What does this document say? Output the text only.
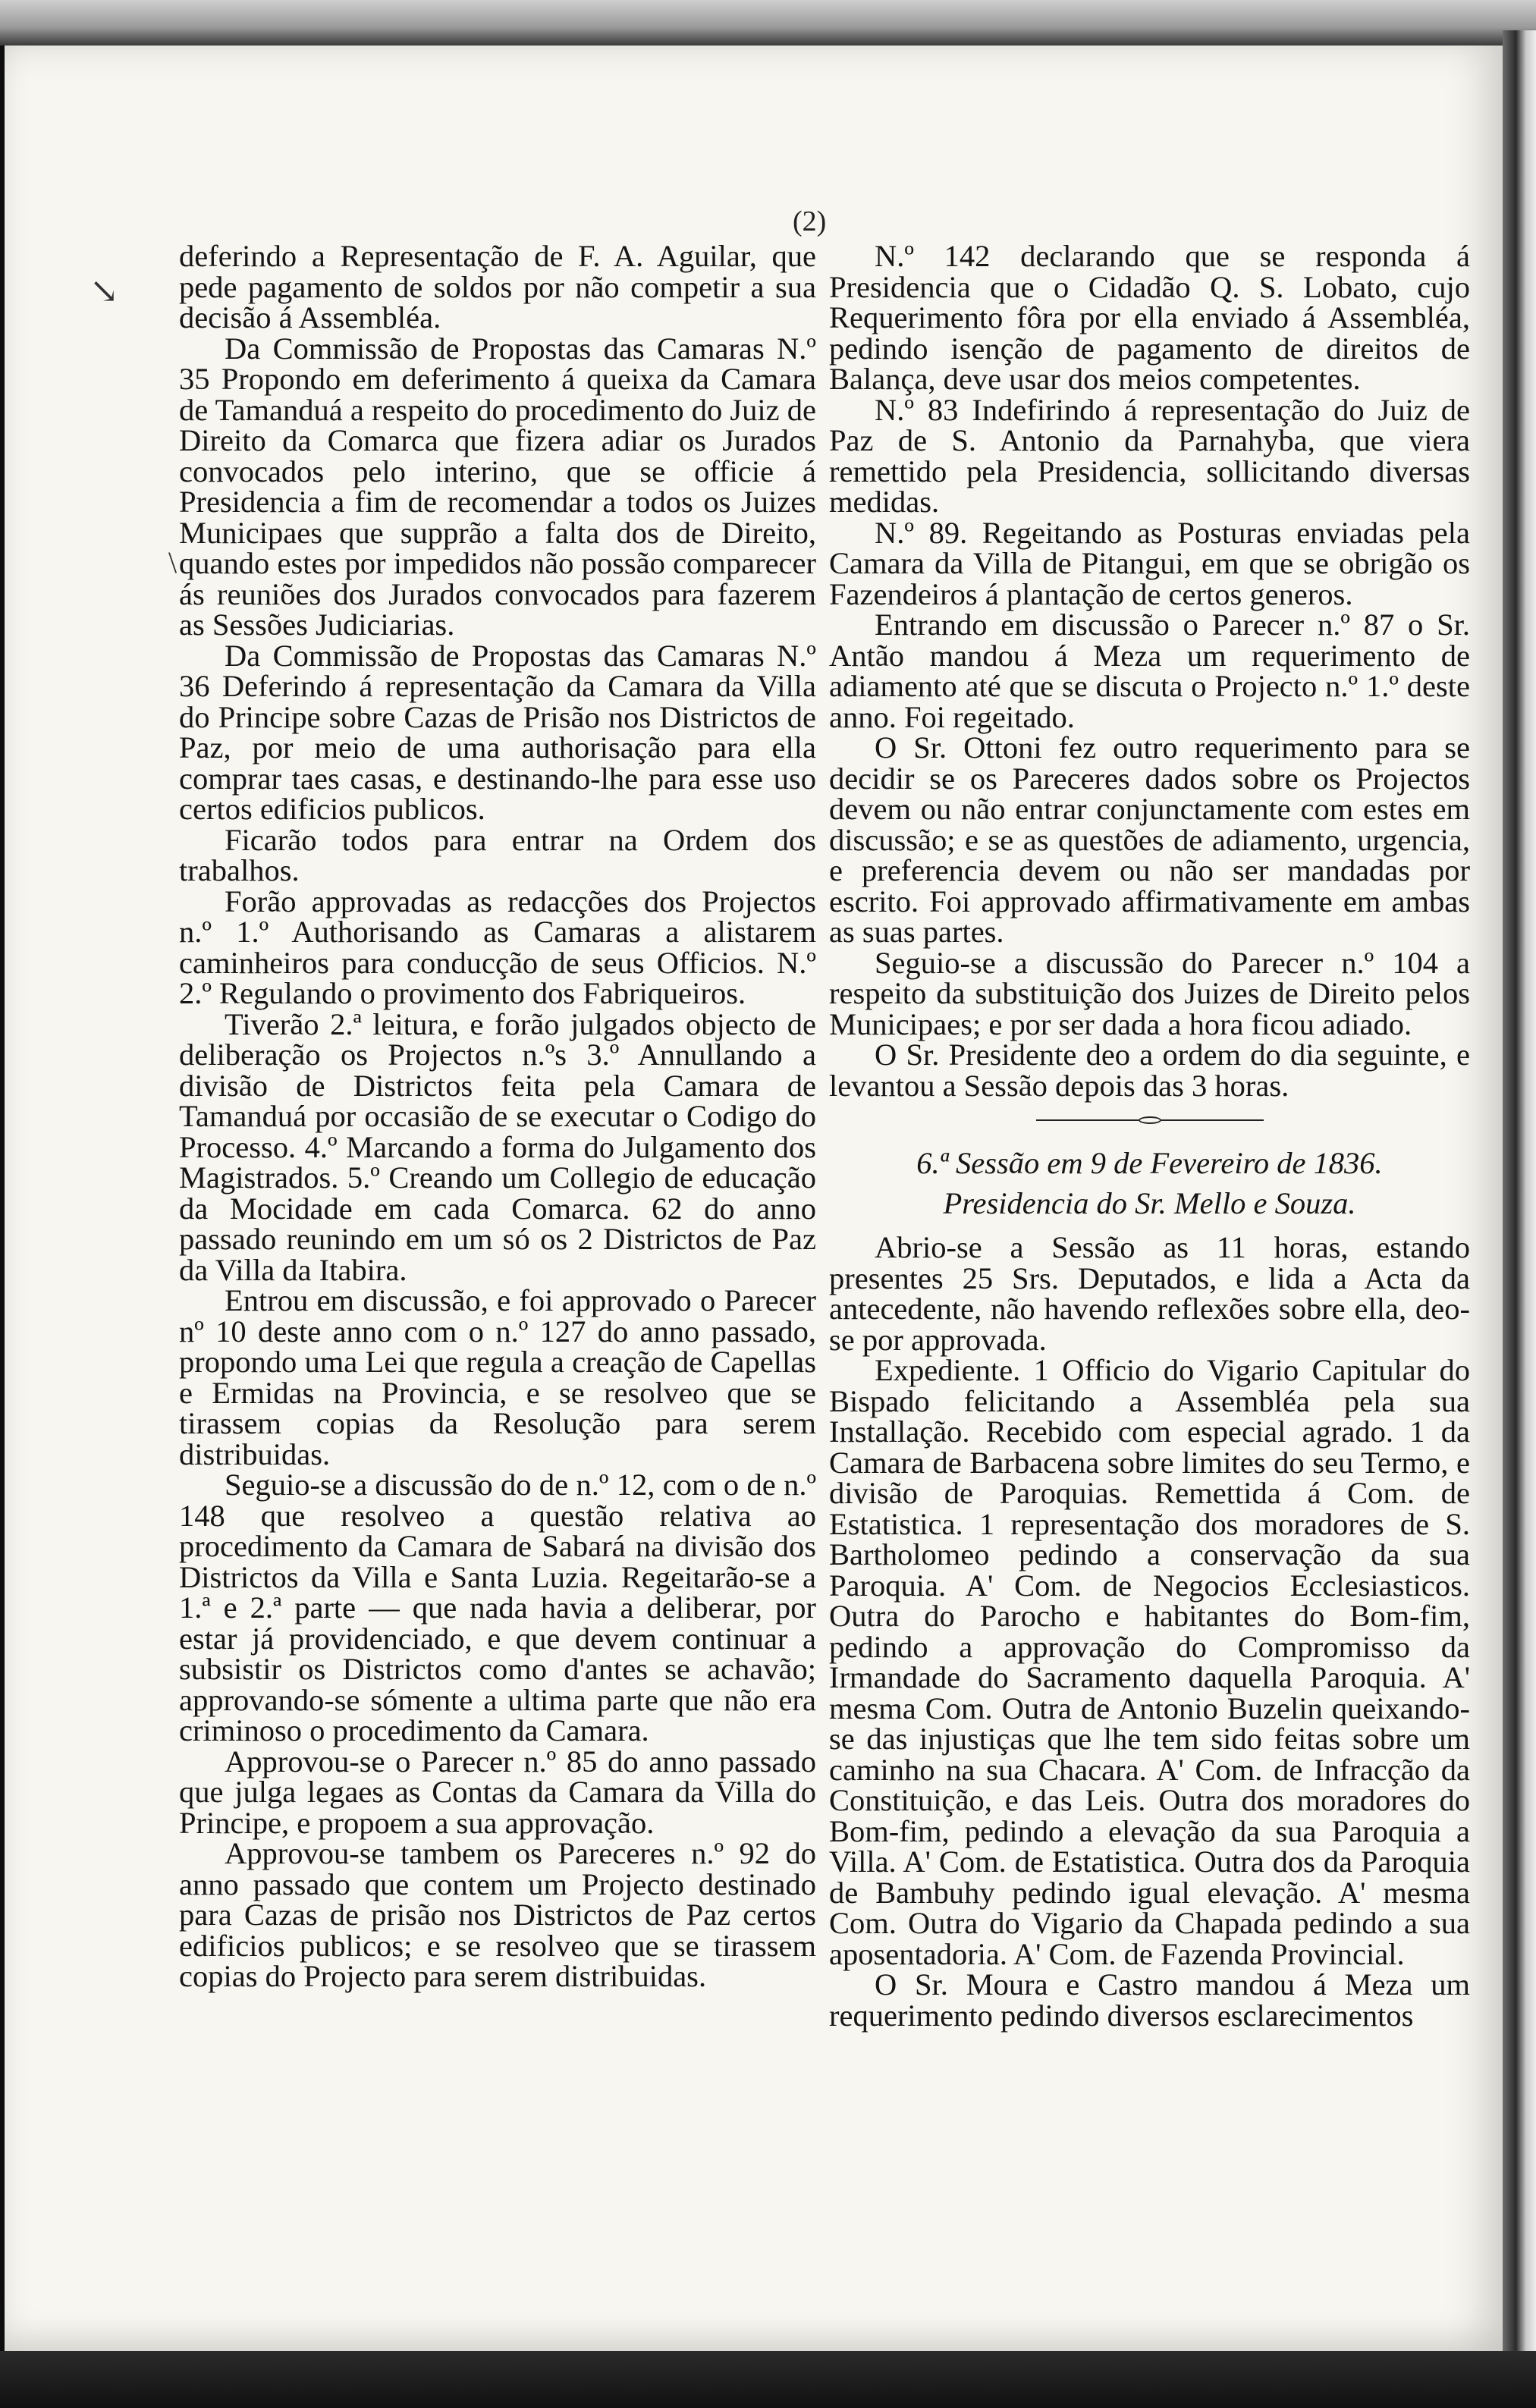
↘
\
(2)

deferindo a Representação de F. A. Aguilar, que pede pagamento de soldos por não competir a sua decisão á Assembléa.

Da Commissão de Propostas das Camaras N.º 35 Propondo em deferimento á queixa da Camara de Tamanduá a respeito do procedimento do Juiz de Direito da Comarca que fizera adiar os Jurados convocados pelo interino, que se officie á Presidencia a fim de recomendar a todos os Juizes Municipaes que supprão a falta dos de Direito, quando estes por impedidos não possão comparecer ás reuniões dos Jurados convocados para fazerem as Sessões Judiciarias.

Da Commissão de Propostas das Camaras N.º 36 Deferindo á representação da Camara da Villa do Principe sobre Cazas de Prisão nos Districtos de Paz, por meio de uma authorisação para ella comprar taes casas, e destinando-lhe para esse uso certos edificios publicos.

Ficarão todos para entrar na Ordem dos trabalhos.

Forão approvadas as redacções dos Projectos n.º 1.º Authorisando as Camaras a alistarem caminheiros para conducção de seus Officios. N.º 2.º Regulando o provimento dos Fabriqueiros.

Tiverão 2.ª leitura, e forão julgados objecto de deliberação os Projectos n.ºs 3.º Annullando a divisão de Districtos feita pela Camara de Tamanduá por occasião de se executar o Codigo do Processo. 4.º Marcando a forma do Julgamento dos Magistrados. 5.º Creando um Collegio de educação da Mocidade em cada Comarca. 62 do anno passado reunindo em um só os 2 Districtos de Paz da Villa da Itabira.

Entrou em discussão, e foi approvado o Parecer nº 10 deste anno com o n.º 127 do anno passado, propondo uma Lei que regula a creação de Capellas e Ermidas na Provincia, e se resolveo que se tirassem copias da Resolução para serem distribuidas.

Seguio-se a discussão do de n.º 12, com o de n.º 148 que resolveo a questão relativa ao procedimento da Camara de Sabará na divisão dos Districtos da Villa e Santa Luzia. Regeitarão-se a 1.ª e 2.ª parte — que nada havia a deliberar, por estar já providenciado, e que devem continuar a subsistir os Districtos como d'antes se achavão; approvando-se sómente a ultima parte que não era criminoso o procedimento da Camara.

Approvou-se o Parecer n.º 85 do anno passado que julga legaes as Contas da Camara da Villa do Principe, e propoem a sua approvação.

Approvou-se tambem os Pareceres n.º 92 do anno passado que contem um Projecto destinado para Cazas de prisão nos Districtos de Paz certos edificios publicos; e se resolveo que se tirassem copias do Projecto para serem distribuidas.

N.º 142 declarando que se responda á Presidencia que o Cidadão Q. S. Lobato, cujo Requerimento fôra por ella enviado á Assembléa, pedindo isenção de pagamento de direitos de Balança, deve usar dos meios competentes.

N.º 83 Indefirindo á representação do Juiz de Paz de S. Antonio da Parnahyba, que viera remettido pela Presidencia, sollicitando diversas medidas.

N.º 89. Regeitando as Posturas enviadas pela Camara da Villa de Pitangui, em que se obrigão os Fazendeiros á plantação de certos generos.

Entrando em discussão o Parecer n.º 87 o Sr. Antão mandou á Meza um requerimento de adiamento até que se discuta o Projecto n.º 1.º deste anno. Foi regeitado.

O Sr. Ottoni fez outro requerimento para se decidir se os Pareceres dados sobre os Projectos devem ou não entrar conjunctamente com estes em discussão; e se as questões de adiamento, urgencia, e preferencia devem ou não ser mandadas por escrito. Foi approvado affirmativamente em ambas as suas partes.

Seguio-se a discussão do Parecer n.º 104 a respeito da substituição dos Juizes de Direito pelos Municipaes; e por ser dada a hora ficou adiado.

O Sr. Presidente deo a ordem do dia seguinte, e levantou a Sessão depois das 3 horas.

6.ª Sessão em 9 de Fevereiro de 1836.

Presidencia do Sr. Mello e Souza.

Abrio-se a Sessão as 11 horas, estando presentes 25 Srs. Deputados, e lida a Acta da antecedente, não havendo reflexões sobre ella, deo-se por approvada.

Expediente. 1 Officio do Vigario Capitular do Bispado felicitando a Assembléa pela sua Installação. Recebido com especial agrado. 1 da Camara de Barbacena sobre limites do seu Termo, e divisão de Paroquias. Remettida á Com. de Estatistica. 1 representação dos moradores de S. Bartholomeo pedindo a conservação da sua Paroquia. A' Com. de Negocios Ecclesiasticos. Outra do Parocho e habitantes do Bom-fim, pedindo a approvação do Compromisso da Irmandade do Sacramento daquella Paroquia. A' mesma Com. Outra de Antonio Buzelin queixando-se das injustiças que lhe tem sido feitas sobre um caminho na sua Chacara. A' Com. de Infracção da Constituição, e das Leis. Outra dos moradores do Bom-fim, pedindo a elevação da sua Paroquia a Villa. A' Com. de Estatistica. Outra dos da Paroquia de Bambuhy pedindo igual elevação. A' mesma Com. Outra do Vigario da Chapada pedindo a sua aposentadoria. A' Com. de Fazenda Provincial.

O Sr. Moura e Castro mandou á Meza um requerimento pedindo diversos esclarecimentos
